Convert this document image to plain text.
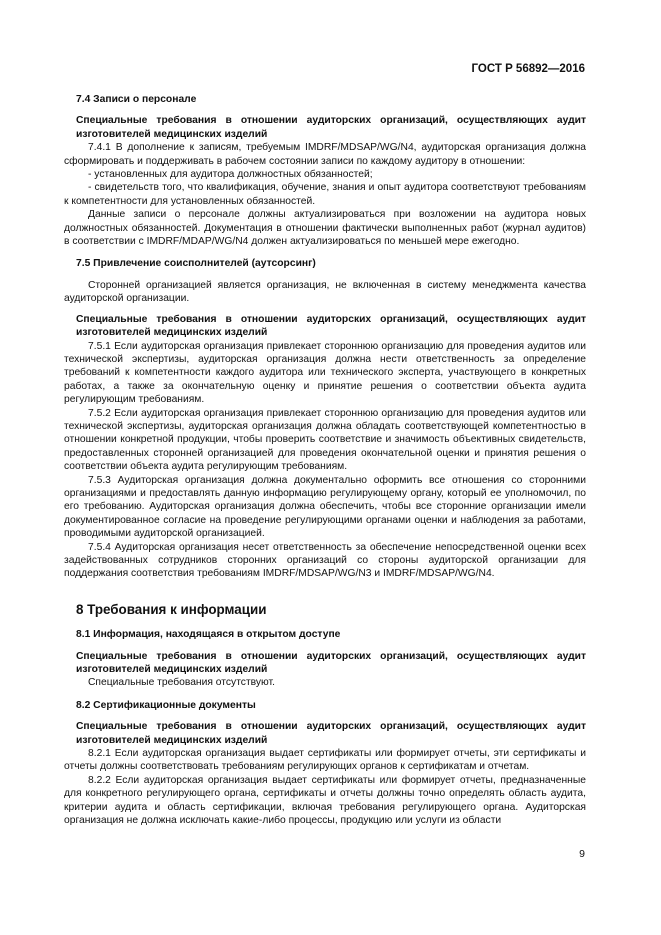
ГОСТ Р 56892—2016
7.4 Записи о персонале
Специальные требования в отношении аудиторских организаций, осуществляющих аудит изготовителей медицинских изделий
7.4.1 В дополнение к записям, требуемым IMDRF/MDSAP/WG/N4, аудиторская организация должна сформировать и поддерживать в рабочем состоянии записи по каждому аудитору в отношении:
- установленных для аудитора должностных обязанностей;
- свидетельств того, что квалификация, обучение, знания и опыт аудитора соответствуют требованиям к компетентности для установленных обязанностей.
Данные записи о персонале должны актуализироваться при возложении на аудитора новых должностных обязанностей. Документация в отношении фактически выполненных работ (журнал аудитов) в соответствии с IMDRF/MDAP/WG/N4 должен актуализироваться по меньшей мере ежегодно.
7.5 Привлечение соисполнителей (аутсорсинг)
Сторонней организацией является организация, не включенная в систему менеджмента качества аудиторской организации.
Специальные требования в отношении аудиторских организаций, осуществляющих аудит изготовителей медицинских изделий
7.5.1 Если аудиторская организация привлекает стороннюю организацию для проведения аудитов или технической экспертизы, аудиторская организация должна нести ответственность за определение требований к компетентности каждого аудитора или технического эксперта, участвующего в конкретных работах, а также за окончательную оценку и принятие решения о соответствии объекта аудита регулирующим требованиям.
7.5.2 Если аудиторская организация привлекает стороннюю организацию для проведения аудитов или технической экспертизы, аудиторская организация должна обладать соответствующей компетентностью в отношении конкретной продукции, чтобы проверить соответствие и значимость объективных свидетельств, предоставленных сторонней организацией для проведения окончательной оценки и принятия решения о соответствии объекта аудита регулирующим требованиям.
7.5.3 Аудиторская организация должна документально оформить все отношения со сторонними организациями и предоставлять данную информацию регулирующему органу, который ее уполномочил, по его требованию. Аудиторская организация должна обеспечить, чтобы все сторонние организации имели документированное согласие на проведение регулирующими органами оценки и наблюдения за работами, проводимыми аудиторской организацией.
7.5.4 Аудиторская организация несет ответственность за обеспечение непосредственной оценки всех задействованных сотрудников сторонних организаций со стороны аудиторской организации для поддержания соответствия требованиям IMDRF/MDSAP/WG/N3 и IMDRF/MDSAP/WG/N4.
8 Требования к информации
8.1 Информация, находящаяся в открытом доступе
Специальные требования в отношении аудиторских организаций, осуществляющих аудит изготовителей медицинских изделий
Специальные требования отсутствуют.
8.2 Сертификационные документы
Специальные требования в отношении аудиторских организаций, осуществляющих аудит изготовителей медицинских изделий
8.2.1 Если аудиторская организация выдает сертификаты или формирует отчеты, эти сертификаты и отчеты должны соответствовать требованиям регулирующих органов к сертификатам и отчетам.
8.2.2 Если аудиторская организация выдает сертификаты или формирует отчеты, предназначенные для конкретного регулирующего органа, сертификаты и отчеты должны точно определять область аудита, критерии аудита и область сертификации, включая требования регулирующего органа. Аудиторская организация не должна исключать какие-либо процессы, продукцию или услуги из области
9
